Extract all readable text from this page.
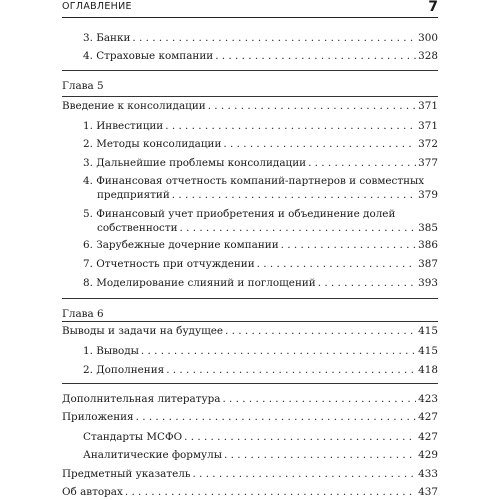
ОГЛАВЛЕНИЕ	7
3. Банки . . .	300
4. Страховые компании . . .	328
Глава 5
Введение к консолидации . . .	371
1. Инвестиции . . .	371
2. Методы консолидации . . .	372
3. Дальнейшие проблемы консолидации . . .	377
4. Финансовая отчетность компаний-партнеров и совместных
предприятий . . .	379
5. Финансовый учет приобретения и объединение долей
собственности . . .	385
6. Зарубежные дочерние компании . . .	386
7. Отчетность при отчуждении . . .	387
8. Моделирование слияний и поглощений . . .	393
Глава 6
Выводы и задачи на будущее . . .	415
1. Выводы . . .	415
2. Дополнения . . .	418
Дополнительная литература . . .	423
Приложения . . .	427
Стандарты МСФО . . .	427
Аналитические формулы . . .	429
Предметный указатель . . .	433
Об авторах . . .	437
